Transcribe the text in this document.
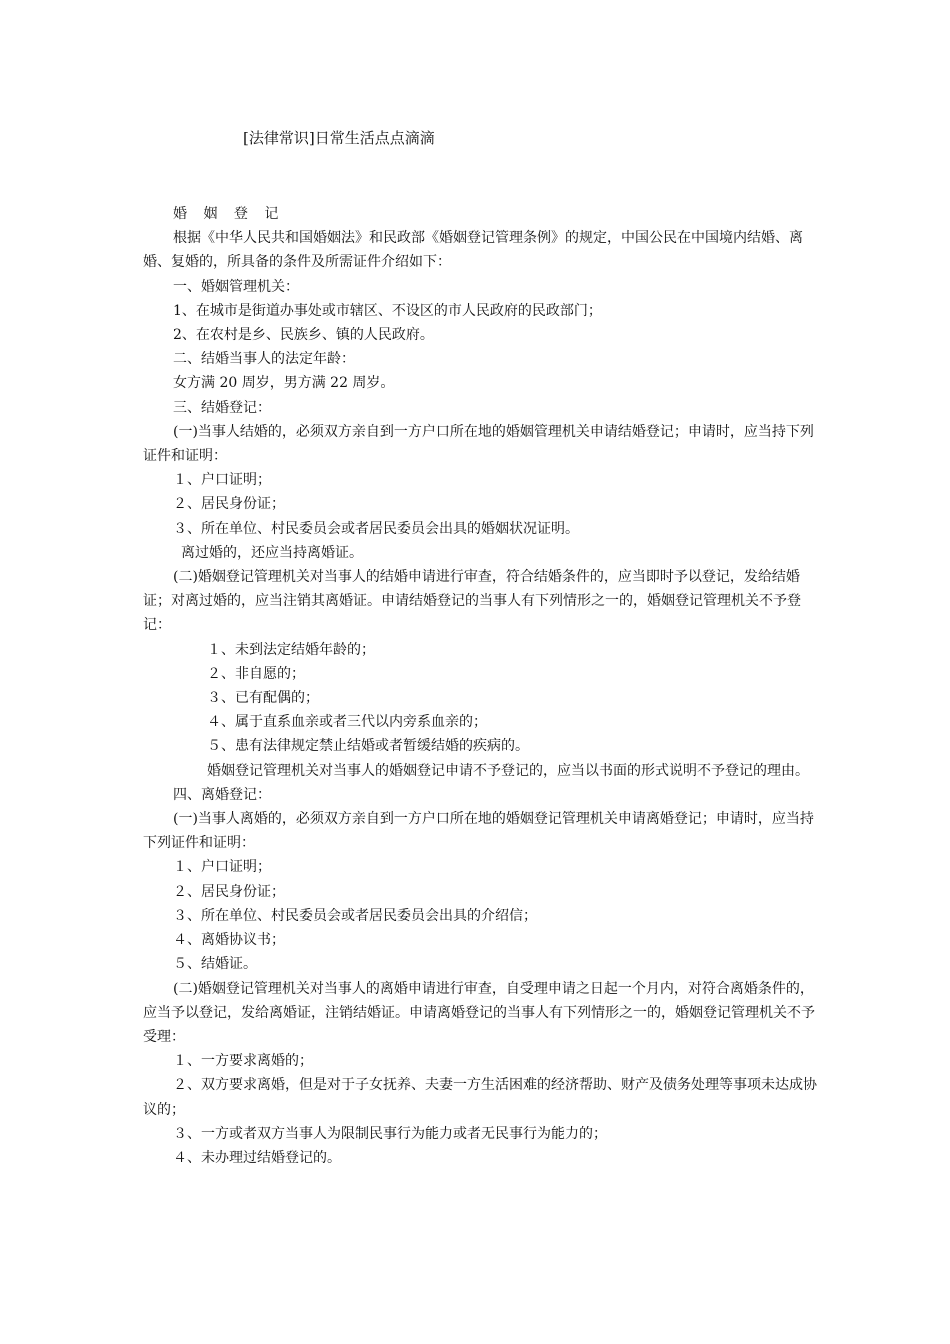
[法律常识]日常生活点点滴滴

婚 姻 登 记

根据《中华人民共和国婚姻法》和民政部《婚姻登记管理条例》的规定，中国公民在中国境内结婚、离婚、复婚的，所具备的条件及所需证件介绍如下：

一、婚姻管理机关：

1、在城市是街道办事处或市辖区、不设区的市人民政府的民政部门；

2、在农村是乡、民族乡、镇的人民政府。

二、结婚当事人的法定年龄：

女方满 20 周岁，男方满 22 周岁。

三、结婚登记：

(一)当事人结婚的，必须双方亲自到一方户口所在地的婚姻管理机关申请结婚登记；申请时，应当持下列证件和证明：

１、户口证明；

２、居民身份证；

３、所在单位、村民委员会或者居民委员会出具的婚姻状况证明。

离过婚的，还应当持离婚证。

(二)婚姻登记管理机关对当事人的结婚申请进行审查，符合结婚条件的，应当即时予以登记，发给结婚证；对离过婚的，应当注销其离婚证。申请结婚登记的当事人有下列情形之一的，婚姻登记管理机关不予登记：

１、未到法定结婚年龄的；

２、非自愿的；

３、已有配偶的；

４、属于直系血亲或者三代以内旁系血亲的；

５、患有法律规定禁止结婚或者暂缓结婚的疾病的。

婚姻登记管理机关对当事人的婚姻登记申请不予登记的，应当以书面的形式说明不予登记的理由。

四、离婚登记：

(一)当事人离婚的，必须双方亲自到一方户口所在地的婚姻登记管理机关申请离婚登记；申请时，应当持下列证件和证明：

１、户口证明；

２、居民身份证；

３、所在单位、村民委员会或者居民委员会出具的介绍信；

４、离婚协议书；

５、结婚证。

(二)婚姻登记管理机关对当事人的离婚申请进行审查，自受理申请之日起一个月内，对符合离婚条件的，应当予以登记，发给离婚证，注销结婚证。申请离婚登记的当事人有下列情形之一的，婚姻登记管理机关不予受理：

１、一方要求离婚的；

２、双方要求离婚，但是对于子女抚养、夫妻一方生活困难的经济帮助、财产及债务处理等事项未达成协议的；

３、一方或者双方当事人为限制民事行为能力或者无民事行为能力的；

４、未办理过结婚登记的。
